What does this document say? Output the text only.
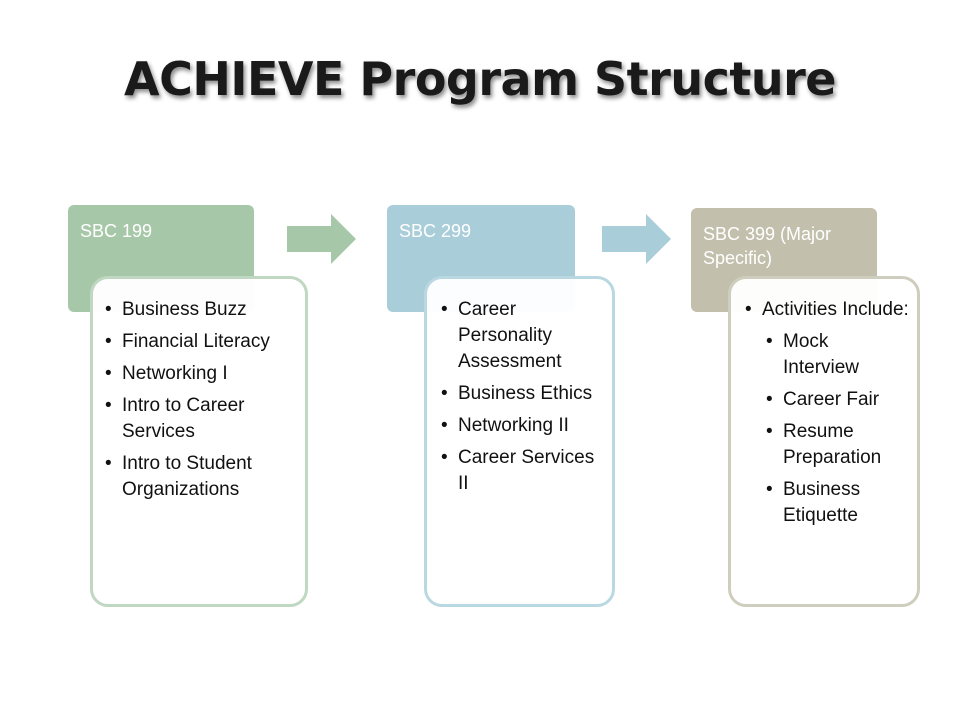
ACHIEVE Program Structure
SBC 199
• Business Buzz
• Financial Literacy
• Networking I
• Intro to Career Services
• Intro to Student Organizations
SBC 299
• Career Personality Assessment
• Business Ethics
• Networking II
• Career Services II
SBC 399 (Major Specific)
• Activities Include:
• Mock Interview
• Career Fair
• Resume Preparation
• Business Etiquette
